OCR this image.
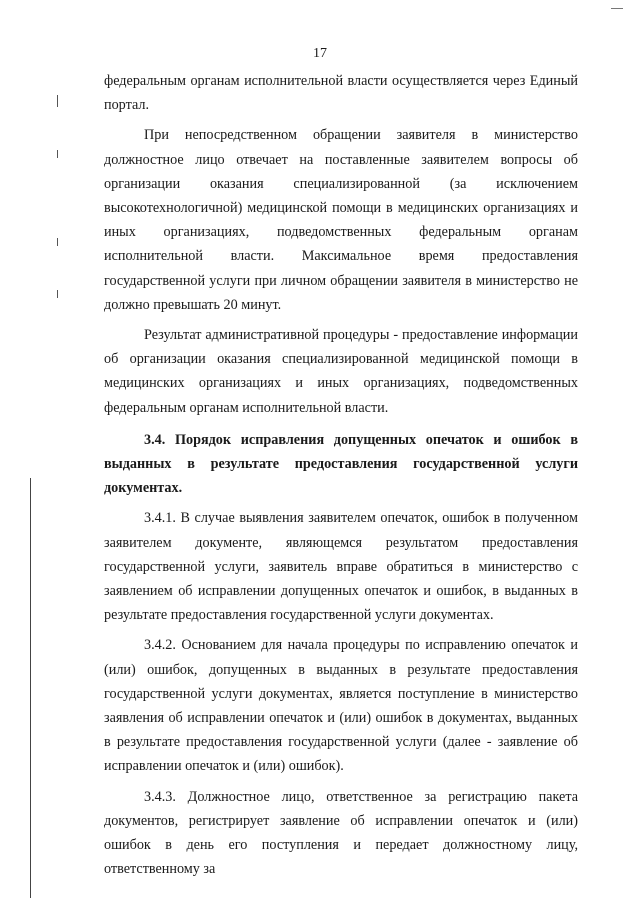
17

федеральным органам исполнительной власти осуществляется через Единый портал.

При непосредственном обращении заявителя в министерство должностное лицо отвечает на поставленные заявителем вопросы об организации оказания специализированной (за исключением высокотехнологичной) медицинской помощи в медицинских организациях и иных организациях, подведомственных федеральным органам исполнительной власти. Максимальное время предоставления государственной услуги при личном обращении заявителя в министерство не должно превышать 20 минут.

Результат административной процедуры - предоставление информации об организации оказания специализированной медицинской помощи в медицинских организациях и иных организациях, подведомственных федеральным органам исполнительной власти.

3.4. Порядок исправления допущенных опечаток и ошибок в выданных в результате предоставления государственной услуги документах.

3.4.1. В случае выявления заявителем опечаток, ошибок в полученном заявителем документе, являющемся результатом предоставления государственной услуги, заявитель вправе обратиться в министерство с заявлением об исправлении допущенных опечаток и ошибок, в выданных в результате предоставления государственной услуги документах.

3.4.2. Основанием для начала процедуры по исправлению опечаток и (или) ошибок, допущенных в выданных в результате предоставления государственной услуги документах, является поступление в министерство заявления об исправлении опечаток и (или) ошибок в документах, выданных в результате предоставления государственной услуги (далее - заявление об исправлении опечаток и (или) ошибок).

3.4.3. Должностное лицо, ответственное за регистрацию пакета документов, регистрирует заявление об исправлении опечаток и (или) ошибок в день его поступления и передает должностному лицу, ответственному за
